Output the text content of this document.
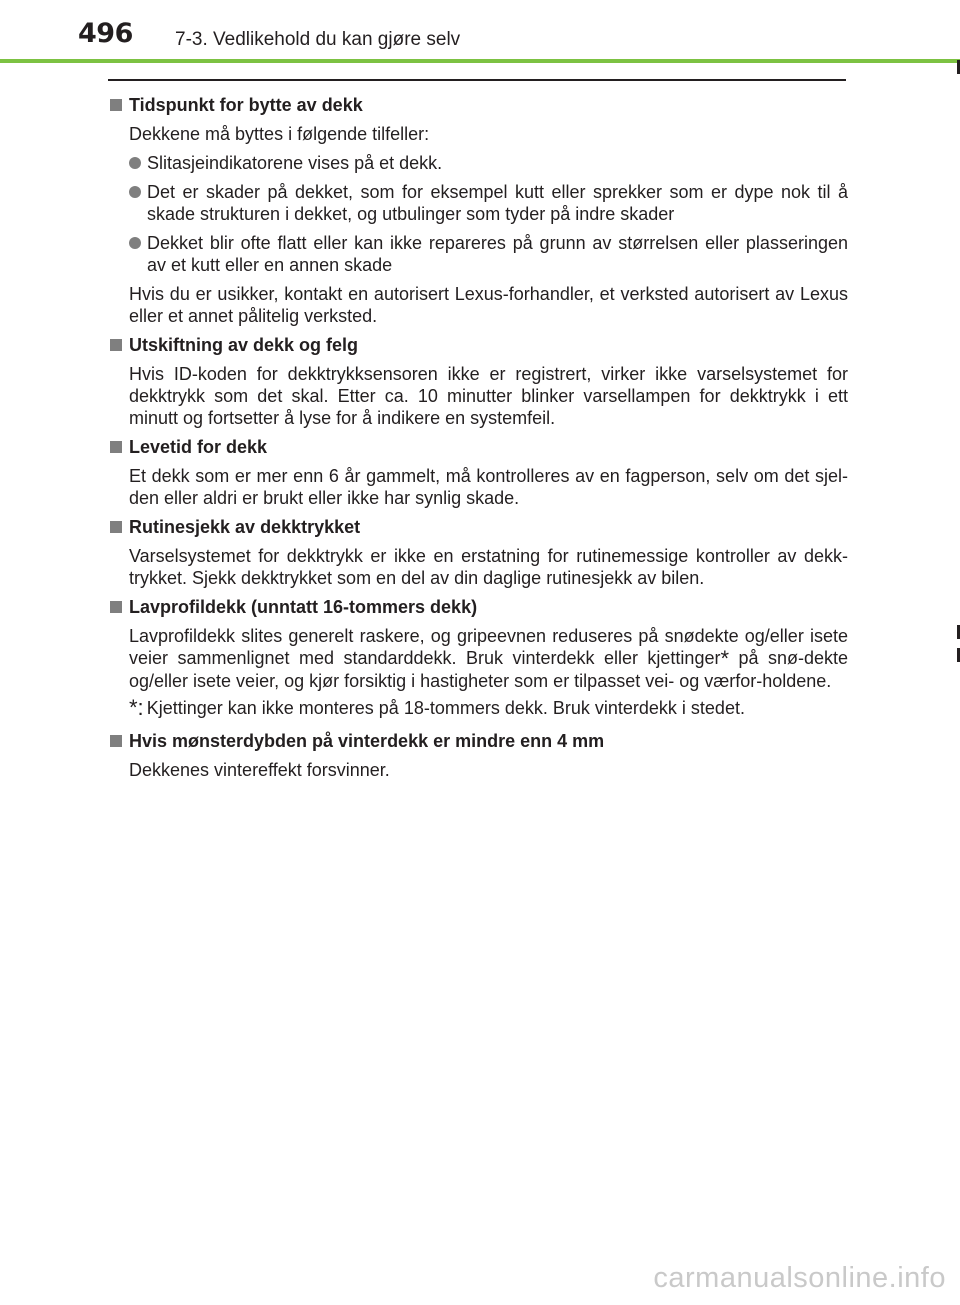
496 7-3. Vedlikehold du kan gjøre selv
Tidspunkt for bytte av dekk
Dekkene må byttes i følgende tilfeller:
Slitasjeindikatorene vises på et dekk.
Det er skader på dekket, som for eksempel kutt eller sprekker som er dype nok til å skade strukturen i dekket, og utbulinger som tyder på indre skader
Dekket blir ofte flatt eller kan ikke repareres på grunn av størrelsen eller plasseringen av et kutt eller en annen skade
Hvis du er usikker, kontakt en autorisert Lexus-forhandler, et verksted autorisert av Lexus eller et annet pålitelig verksted.
Utskiftning av dekk og felg
Hvis ID-koden for dekktrykksensoren ikke er registrert, virker ikke varselsystemet for dekktrykk som det skal. Etter ca. 10 minutter blinker varsellampen for dekktrykk i ett minutt og fortsetter å lyse for å indikere en systemfeil.
Levetid for dekk
Et dekk som er mer enn 6 år gammelt, må kontrolleres av en fagperson, selv om det sjel-den eller aldri er brukt eller ikke har synlig skade.
Rutinesjekk av dekktrykket
Varselsystemet for dekktrykk er ikke en erstatning for rutinemessige kontroller av dekk-trykket. Sjekk dekktrykket som en del av din daglige rutinesjekk av bilen.
Lavprofildekk (unntatt 16-tommers dekk)
Lavprofildekk slites generelt raskere, og gripeevnen reduseres på snødekte og/eller isete veier sammenlignet med standarddekk. Bruk vinterdekk eller kjettinger* på snø-dekte og/eller isete veier, og kjør forsiktig i hastigheter som er tilpasset vei- og værfor-holdene.
*: Kjettinger kan ikke monteres på 18-tommers dekk. Bruk vinterdekk i stedet.
Hvis mønsterdybden på vinterdekk er mindre enn 4 mm
Dekkenes vintereffekt forsvinner.
carmanualsonline.info
